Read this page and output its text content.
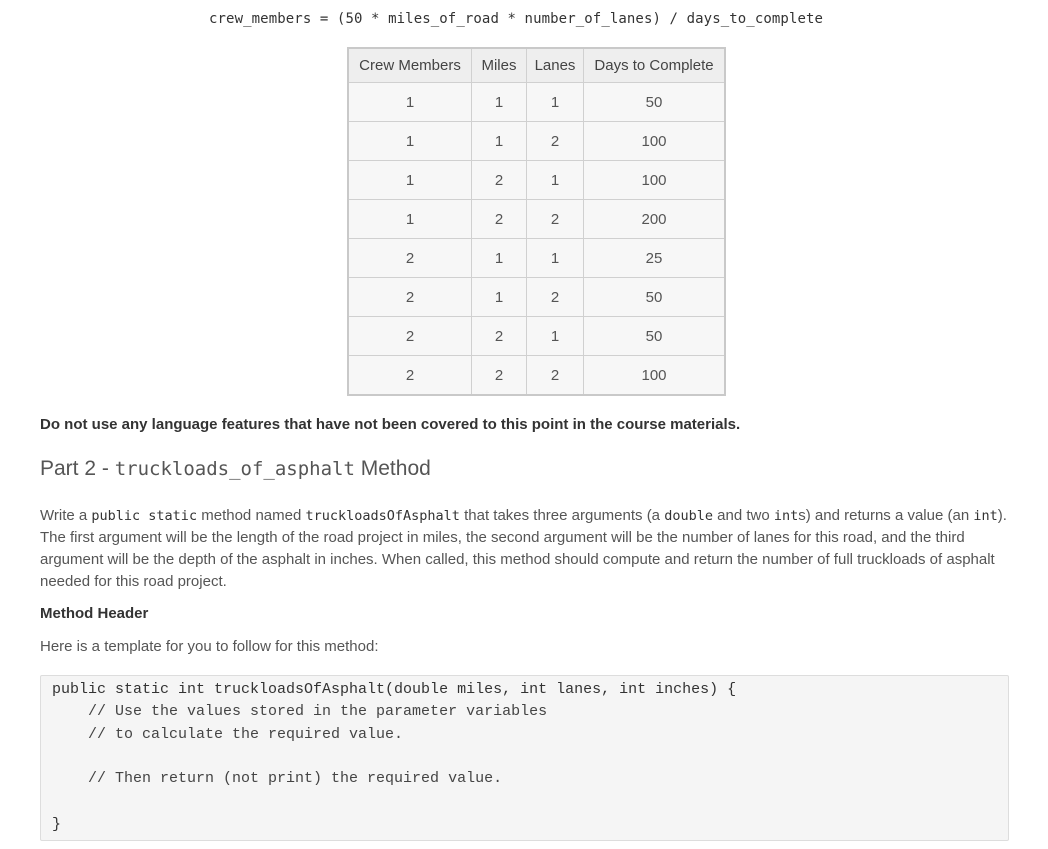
crew_members = (50 * miles_of_road * number_of_lanes) / days_to_complete
Crew Members	Miles	Lanes	Days to Complete
1	1	1	50
1	1	2	100
1	2	1	100
1	2	2	200
2	1	1	25
2	1	2	50
2	2	1	50
2	2	2	100
Do not use any language features that have not been covered to this point in the course materials.
Part 2 - truckloads_of_asphalt Method
Write a public static method named truckloadsOfAsphalt that takes three arguments (a double and two ints) and returns a value (an int). The first argument will be the length of the road project in miles, the second argument will be the number of lanes for this road, and the third argument will be the depth of the asphalt in inches. When called, this method should compute and return the number of full truckloads of asphalt needed for this road project.
Method Header
Here is a template for you to follow for this method:
public static int truckloadsOfAsphalt(double miles, int lanes, int inches) {
// Use the values stored in the parameter variables
// to calculate the required value.
// Then return (not print) the required value.
}
